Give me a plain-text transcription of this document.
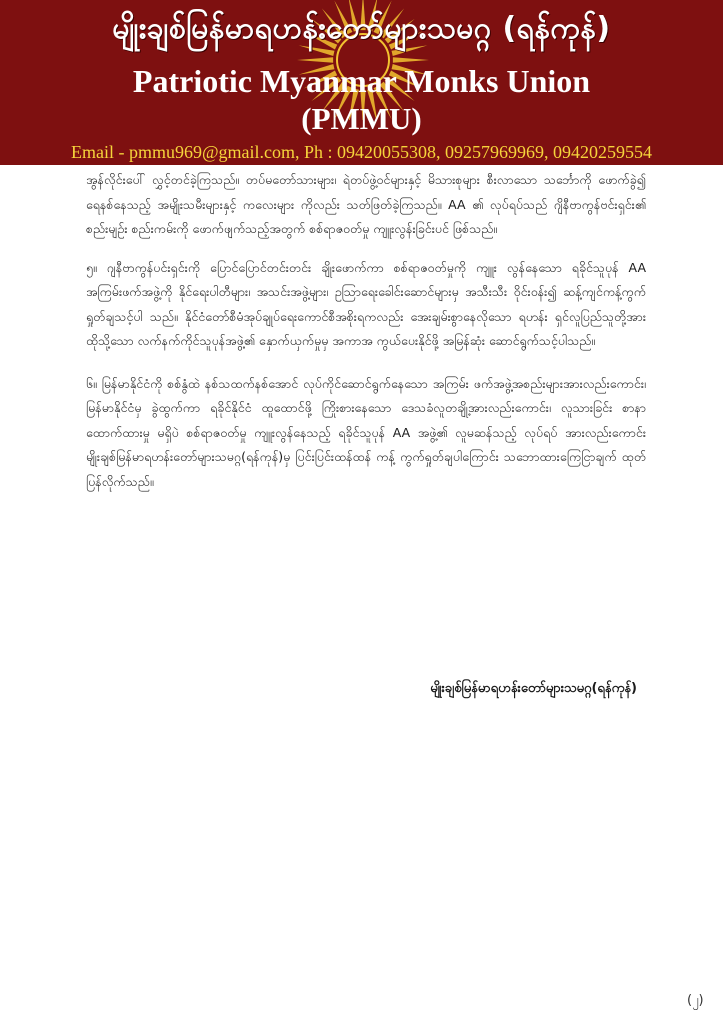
မျိုးချစ်မြန်မာရဟန်းတော်များသမဂ္ဂ (ရန်ကုန်)
Patriotic Myanmar Monks Union
(PMMU)
Email - pmmu969@gmail.com, Ph : 09420055308, 09257969969, 09420259554

အွန်လိုင်းပေါ် လွှင့်တင်ခဲ့ကြသည်။ တပ်မတော်သားများ၊ ရဲတပ်ဖွဲ့ဝင်များနှင့် မိသားစုများ စီးလာသော သင်္ဘောကို ဖောက်ခွဲ၍ ရေနစ်နေသည့် အမျိုးသမီးများနှင့် ကလေးများ ကိုလည်း သတ်ဖြတ်ခဲ့ကြသည်။ AA ၏ လုပ်ရပ်သည် ဂျိနီဗာကွန်ဗင်းရှင်း၏ စည်းမျဉ်း စည်းကမ်းကို ဖောက်ဖျက်သည့်အတွက် စစ်ရာဇဝတ်မှု ကျူးလွန်းခြင်းပင် ဖြစ်သည်။

၅။ ဂျနီဗာကွန်ပင်းရှင်းကို ပြောင်ပြောင်တင်းတင်း ချိုးဖောက်ကာ စစ်ရာဇဝတ်မှုကို ကျူး လွန်နေသော ရခိုင်သူပုန် AA အကြမ်းဖက်အဖွဲ့ကို နိုင်ရေးပါတီများ၊ အသင်းအဖွဲ့များ၊ ဥဩာရေးခေါင်းဆောင်များမှ အသီးသီး ဝိုင်းဝန်း၍ ဆန့်ကျင်ကန့်ကွက် ရှုတ်ချသင့်ပါ သည်။ နိုင်ငံတော်စီမံအုပ်ချုပ်ရေးကောင်စီအစိုးရကလည်း အေးချမ်းစွာနေလိုသော ရဟန်း ရှင်လူပြည်သူတို့အား ထိုသို့သော လက်နက်ကိုင်သူပုန်အဖွဲ့၏ နှောက်ယှက်မှုမှ အကာအ ကွယ်ပေးနိုင်ဖို့ အမြန်ဆုံး ဆောင်ရွက်သင့်ပါသည်။

၆။ မြန်မာနိုင်ငံကို စစ်နွံထဲ နစ်သထက်နစ်အောင် လုပ်ကိုင်ဆောင်ရွက်နေသော အကြမ်း ဖက်အဖွဲ့အစည်းများအားလည်းကောင်း၊ မြန်မာနိုင်ငံမှ ခွဲထွက်ကာ ရခိုင်နိုင်ငံ ထူထောင်ဖို့ ကြိုးစားနေသော ဒေသခံလူတချို့အားလည်းကောင်း၊ လူသားခြင်း စာနာထောက်ထားမှု မရှိပဲ စစ်ရာဇဝတ်မှု ကျူးလွန်နေသည့် ရခိုင်သူပုန် AA အဖွဲ့၏ လူမဆန်သည့် လုပ်ရပ် အားလည်းကောင်း မျိုးချစ်မြန်မာရဟန်းတော်များသမဂ္ဂ(ရန်ကုန်)မှ ပြင်းပြင်းထန်ထန် ကန့် ကွက်ရှုတ်ချပါကြောင်း သဘောထားကြေငြာချက် ထုတ်ပြန်လိုက်သည်။

မျိုးချစ်မြန်မာရဟန်းတော်များသမဂ္ဂ(ရန်ကုန်)
(၂)
